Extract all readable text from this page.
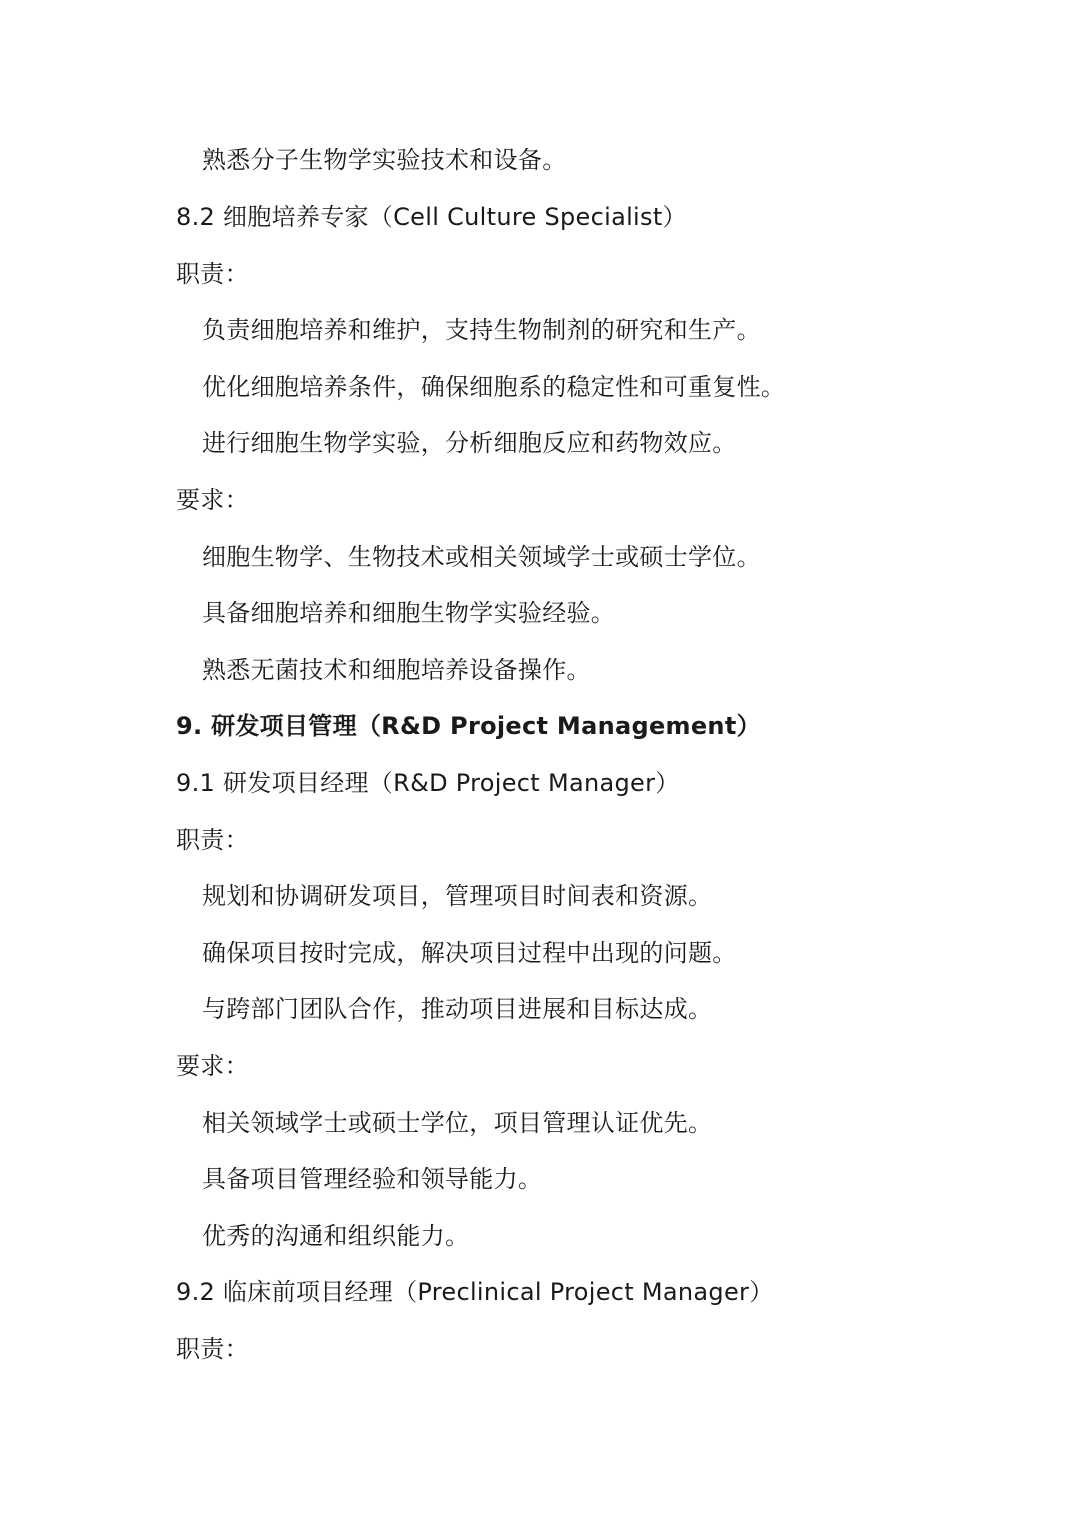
熟悉分子生物学实验技术和设备。
8.2 细胞培养专家（Cell Culture Specialist）
职责：
负责细胞培养和维护，支持生物制剂的研究和生产。
优化细胞培养条件，确保细胞系的稳定性和可重复性。
进行细胞生物学实验，分析细胞反应和药物效应。
要求：
细胞生物学、生物技术或相关领域学士或硕士学位。
具备细胞培养和细胞生物学实验经验。
熟悉无菌技术和细胞培养设备操作。
9. 研发项目管理（R&D Project Management）
9.1 研发项目经理（R&D Project Manager）
职责：
规划和协调研发项目，管理项目时间表和资源。
确保项目按时完成，解决项目过程中出现的问题。
与跨部门团队合作，推动项目进展和目标达成。
要求：
相关领域学士或硕士学位，项目管理认证优先。
具备项目管理经验和领导能力。
优秀的沟通和组织能力。
9.2 临床前项目经理（Preclinical Project Manager）
职责：
